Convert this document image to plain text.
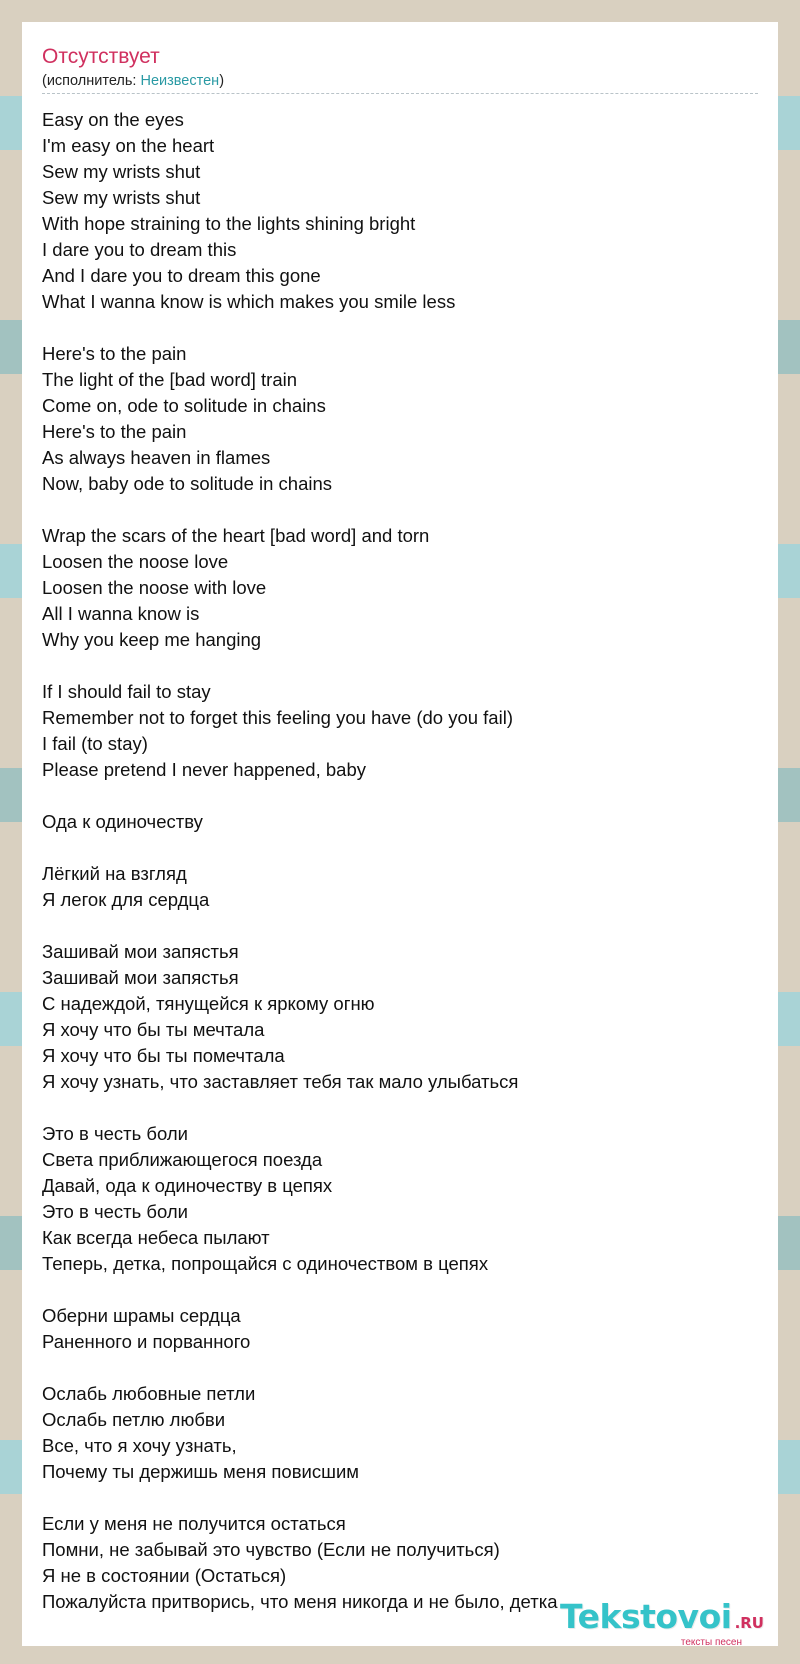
Отсутствует
(исполнитель: Неизвестен)
Easy on the eyes
I'm easy on the heart
Sew my wrists shut
Sew my wrists shut
With hope straining to the lights shining bright
I dare you to dream this
And I dare you to dream this gone
What I wanna know is which makes you smile less
Here's to the pain
The light of the [bad word] train
Come on, ode to solitude in chains
Here's to the pain
As always heaven in flames
Now, baby ode to solitude in chains
Wrap the scars of the heart [bad word] and torn
Loosen the noose love
Loosen the noose with love
All I wanna know is
Why you keep me hanging
If I should fail to stay
Remember not to forget this feeling you have (do you fail)
I fail (to stay)
Please pretend I never happened, baby
Ода к одиночеству
Лёгкий на взгляд
Я легок для сердца
Зашивай мои запястья
Зашивай мои запястья
С надеждой, тянущейся к яркому огню
Я хочу что бы ты мечтала
Я хочу что бы ты помечтала
Я хочу узнать, что заставляет тебя так мало улыбаться
Это в честь боли
Света приближающегося поезда
Давай, ода к одиночеству в цепях
Это в честь боли
Как всегда небеса пылают
Теперь, детка, попрощайся с одиночеством в цепях
Оберни шрамы сердца
Раненного и порванного
Ослабь любовные петли
Ослабь петлю любви
Все, что я хочу узнать,
Почему ты держишь меня повисшим
Если у меня не получится остаться
Помни, не забывай это чувство (Если не получиться)
Я не в состоянии (Остаться)
Пожалуйста притворись, что меня никогда и не было, детка Tekstovoi .RU
тексты песен
